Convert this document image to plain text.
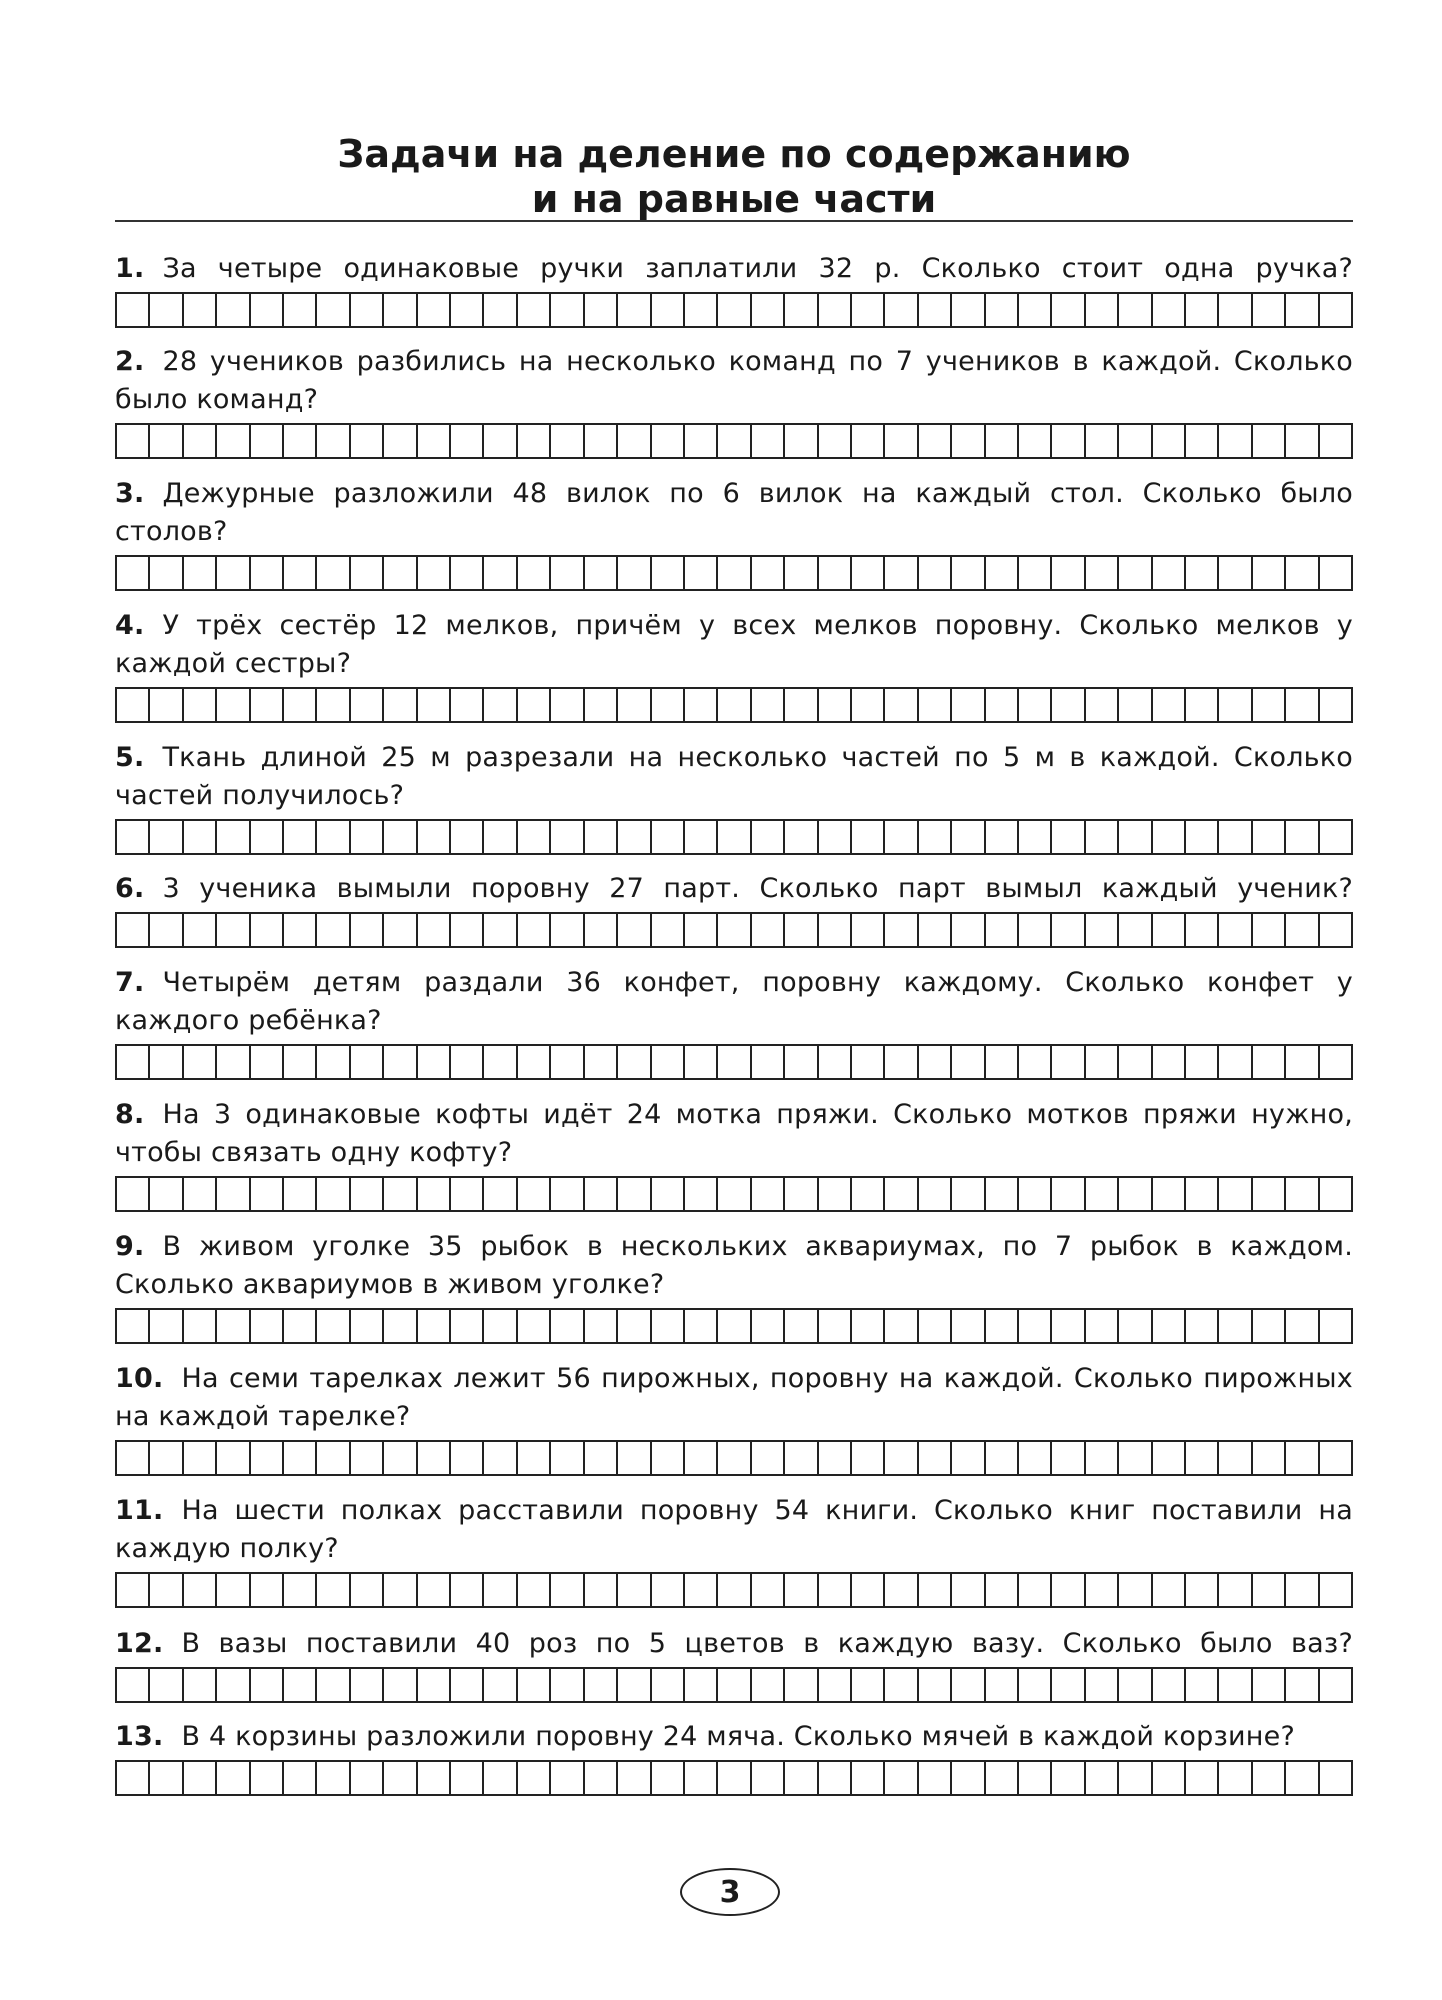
Задачи на деление по содержанию
и на равные части

1. За четыре одинаковые ручки заплатили 32 р. Сколько стоит одна ручка?

2. 28 учеников разбились на несколько команд по 7 учеников в каждой. Сколько было команд?

3. Дежурные разложили 48 вилок по 6 вилок на каждый стол. Сколько было столов?

4. У трёх сестёр 12 мелков, причём у всех мелков поровну. Сколько мелков у каждой сестры?

5. Ткань длиной 25 м разрезали на несколько частей по 5 м в каждой. Сколько частей получилось?

6. 3 ученика вымыли поровну 27 парт. Сколько парт вымыл каждый ученик?

7. Четырём детям раздали 36 конфет, поровну каждому. Сколько конфет у каждого ребёнка?

8. На 3 одинаковые кофты идёт 24 мотка пряжи. Сколько мотков пряжи нужно, чтобы связать одну кофту?

9. В живом уголке 35 рыбок в нескольких аквариумах, по 7 рыбок в каждом. Сколько аквариумов в живом уголке?

10. На семи тарелках лежит 56 пирожных, поровну на каждой. Сколько пирожных на каждой тарелке?

11. На шести полках расставили поровну 54 книги. Сколько книг поставили на каждую полку?

12. В вазы поставили 40 роз по 5 цветов в каждую вазу. Сколько было ваз?

13. В 4 корзины разложили поровну 24 мяча. Сколько мячей в каждой корзине?

3
